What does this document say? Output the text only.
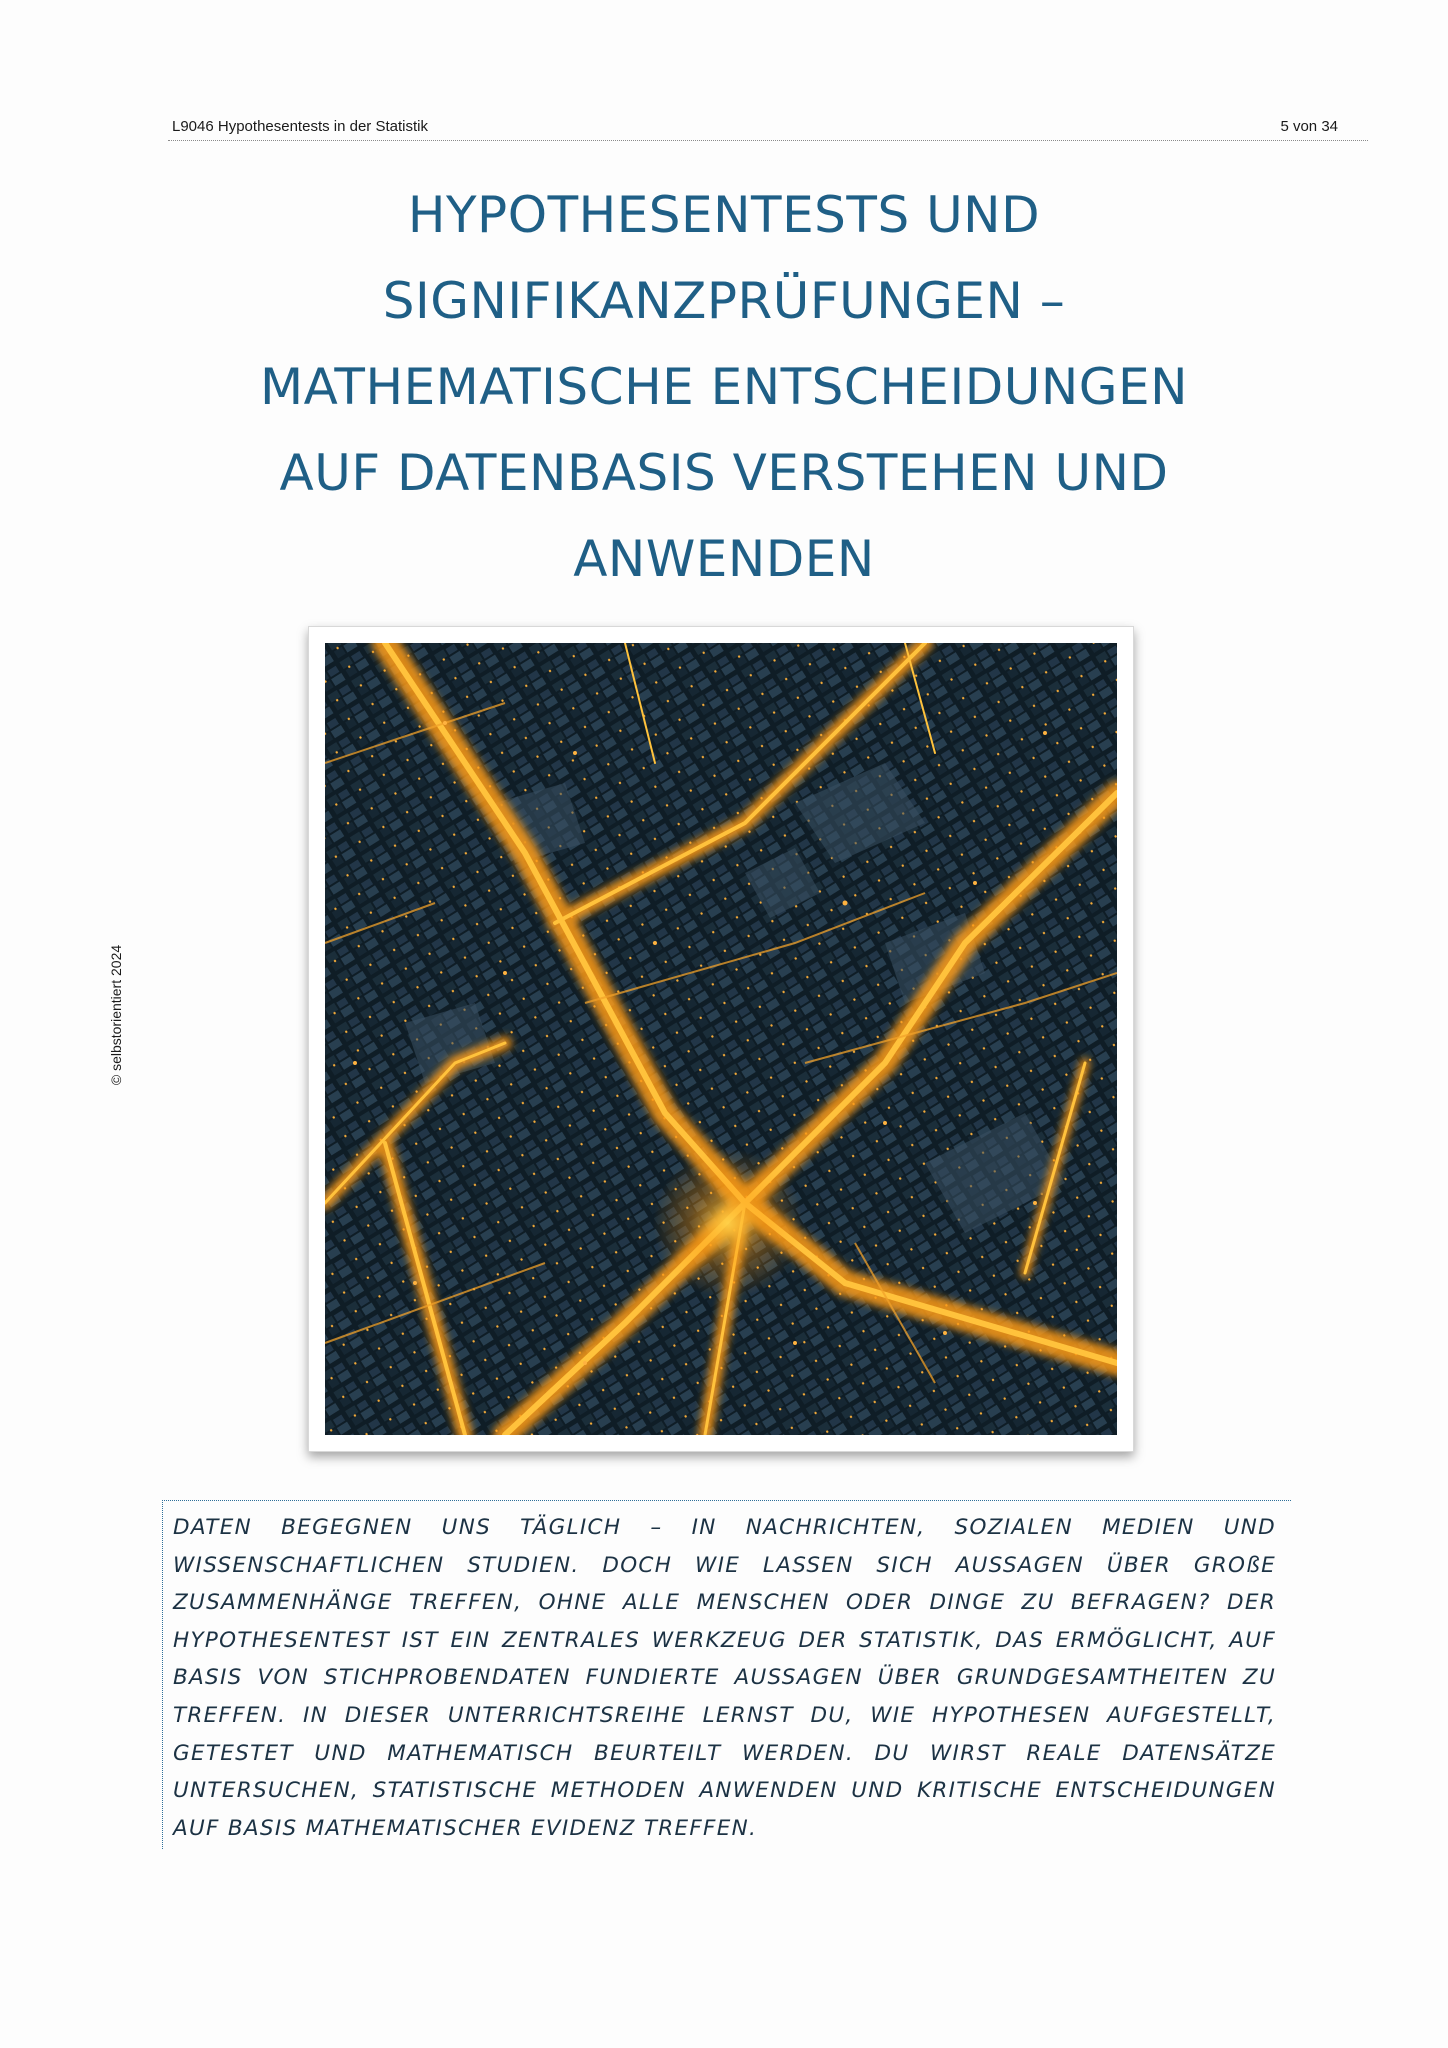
L9046 Hypothesentests in der Statistik	5 von 34
© selbstorientiert 2024
HYPOTHESENTESTS UND
SIGNIFIKANZPRÜFUNGEN –
MATHEMATISCHE ENTSCHEIDUNGEN
AUF DATENBASIS VERSTEHEN UND
ANWENDEN

DATEN BEGEGNEN UNS TÄGLICH – IN NACHRICHTEN, SOZIALEN MEDIEN UND WISSENSCHAFTLICHEN STUDIEN. DOCH WIE LASSEN SICH AUSSAGEN ÜBER GROßE ZUSAMMENHÄNGE TREFFEN, OHNE ALLE MENSCHEN ODER DINGE ZU BEFRAGEN? DER HYPOTHESENTEST IST EIN ZENTRALES WERKZEUG DER STATISTIK, DAS ERMÖGLICHT, AUF BASIS VON STICHPROBENDATEN FUNDIERTE AUSSAGEN ÜBER GRUNDGESAMTHEITEN ZU TREFFEN. IN DIESER UNTERRICHTSREIHE LERNST DU, WIE HYPOTHESEN AUFGESTELLT, GETESTET UND MATHEMATISCH BEURTEILT WERDEN. DU WIRST REALE DATENSÄTZE UNTERSUCHEN, STATISTISCHE METHODEN ANWENDEN UND KRITISCHE ENTSCHEIDUNGEN AUF BASIS MATHEMATISCHER EVIDENZ TREFFEN.
